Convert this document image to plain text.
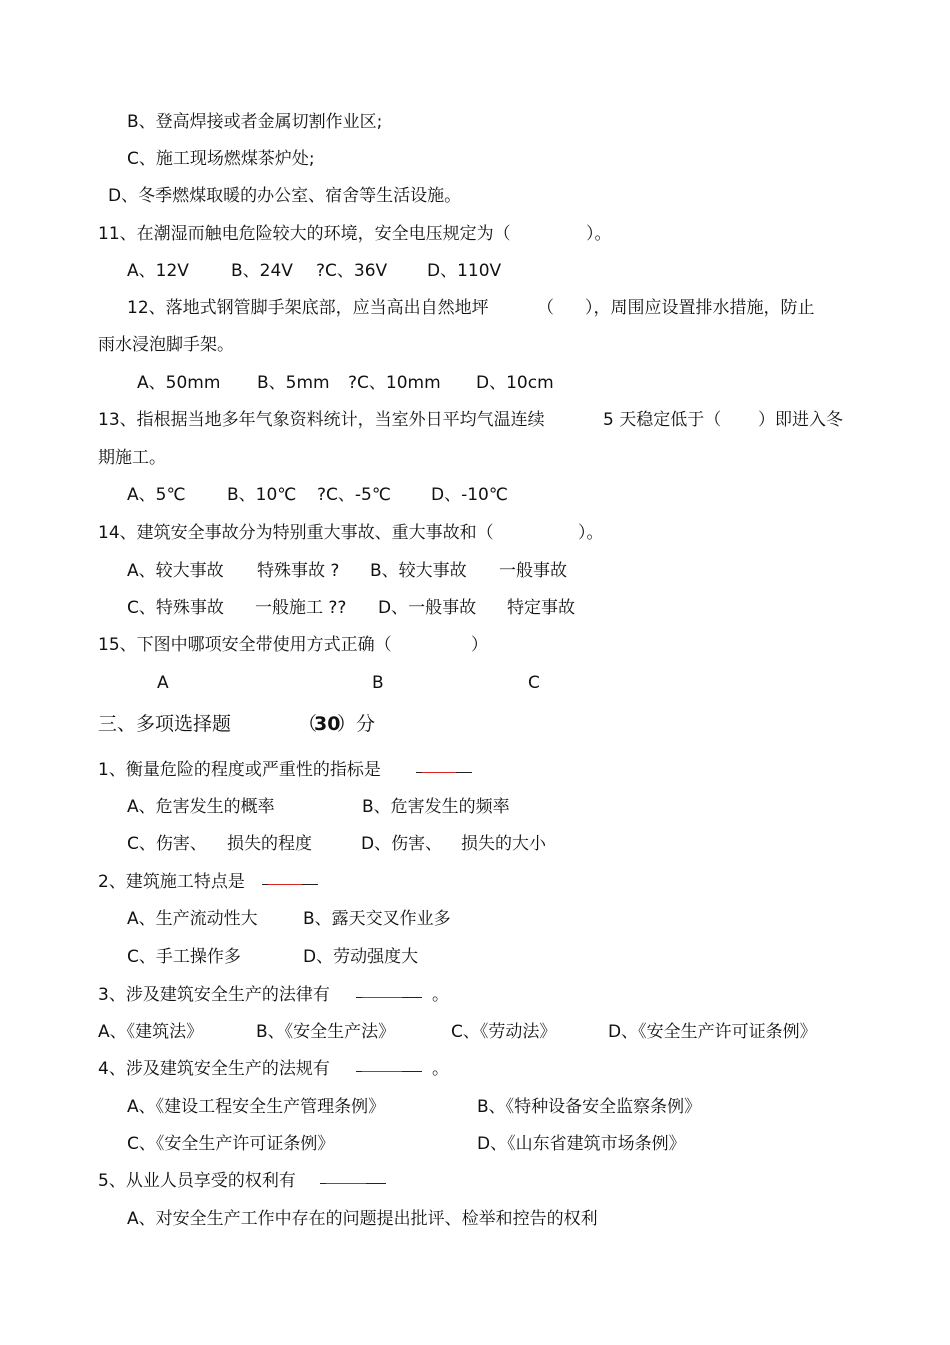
B、登高焊接或者金属切割作业区;
C、施工现场燃煤茶炉处;
D、冬季燃煤取暖的办公室、宿舍等生活设施。
11、在潮湿而触电危险较大的环境，安全电压规定为（	）。
A、12V B、24V ?C、36V D、110V
12、落地式钢管脚手架底部，应当高出自然地坪	（ ），周围应设置排水措施，防止
雨水浸泡脚手架。
A、50mm B、5mm ?C、10mm D、10cm
13、指根据当地多年气象资料统计，当室外日平均气温连续	5 天稳定低于（ ）即进入冬
期施工。
A、5℃ B、10℃ ?C、-5℃ D、-10℃
14、建筑安全事故分为特别重大事故、重大事故和（	）。
A、较大事故 特殊事故 ? B、较大事故 一般事故
C、特殊事故 一般施工 ?? D、一般事故 特定事故
15、下图中哪项安全带使用方式正确（	）
A	B	C
三、多项选择题	（
30
）分
1、衡量危险的程度或严重性的指标是
A、危害发生的概率	B、危害发生的频率
C、伤害、 损失的程度	D、伤害、 损失的大小
2、建筑施工特点是
A、生产流动性大	B、露天交叉作业多
C、手工操作多	D、劳动强度大
3、涉及建筑安全生产的法律有	。
A、《建筑法》	B、《安全生产法》	C、《劳动法》	D、《安全生产许可证条例》
4、涉及建筑安全生产的法规有	。
A、《建设工程安全生产管理条例》	B、《特种设备安全监察条例》
C、《安全生产许可证条例》	D、《山东省建筑市场条例》
5、从业人员享受的权利有
A、对安全生产工作中存在的问题提出批评、检举和控告的权利
